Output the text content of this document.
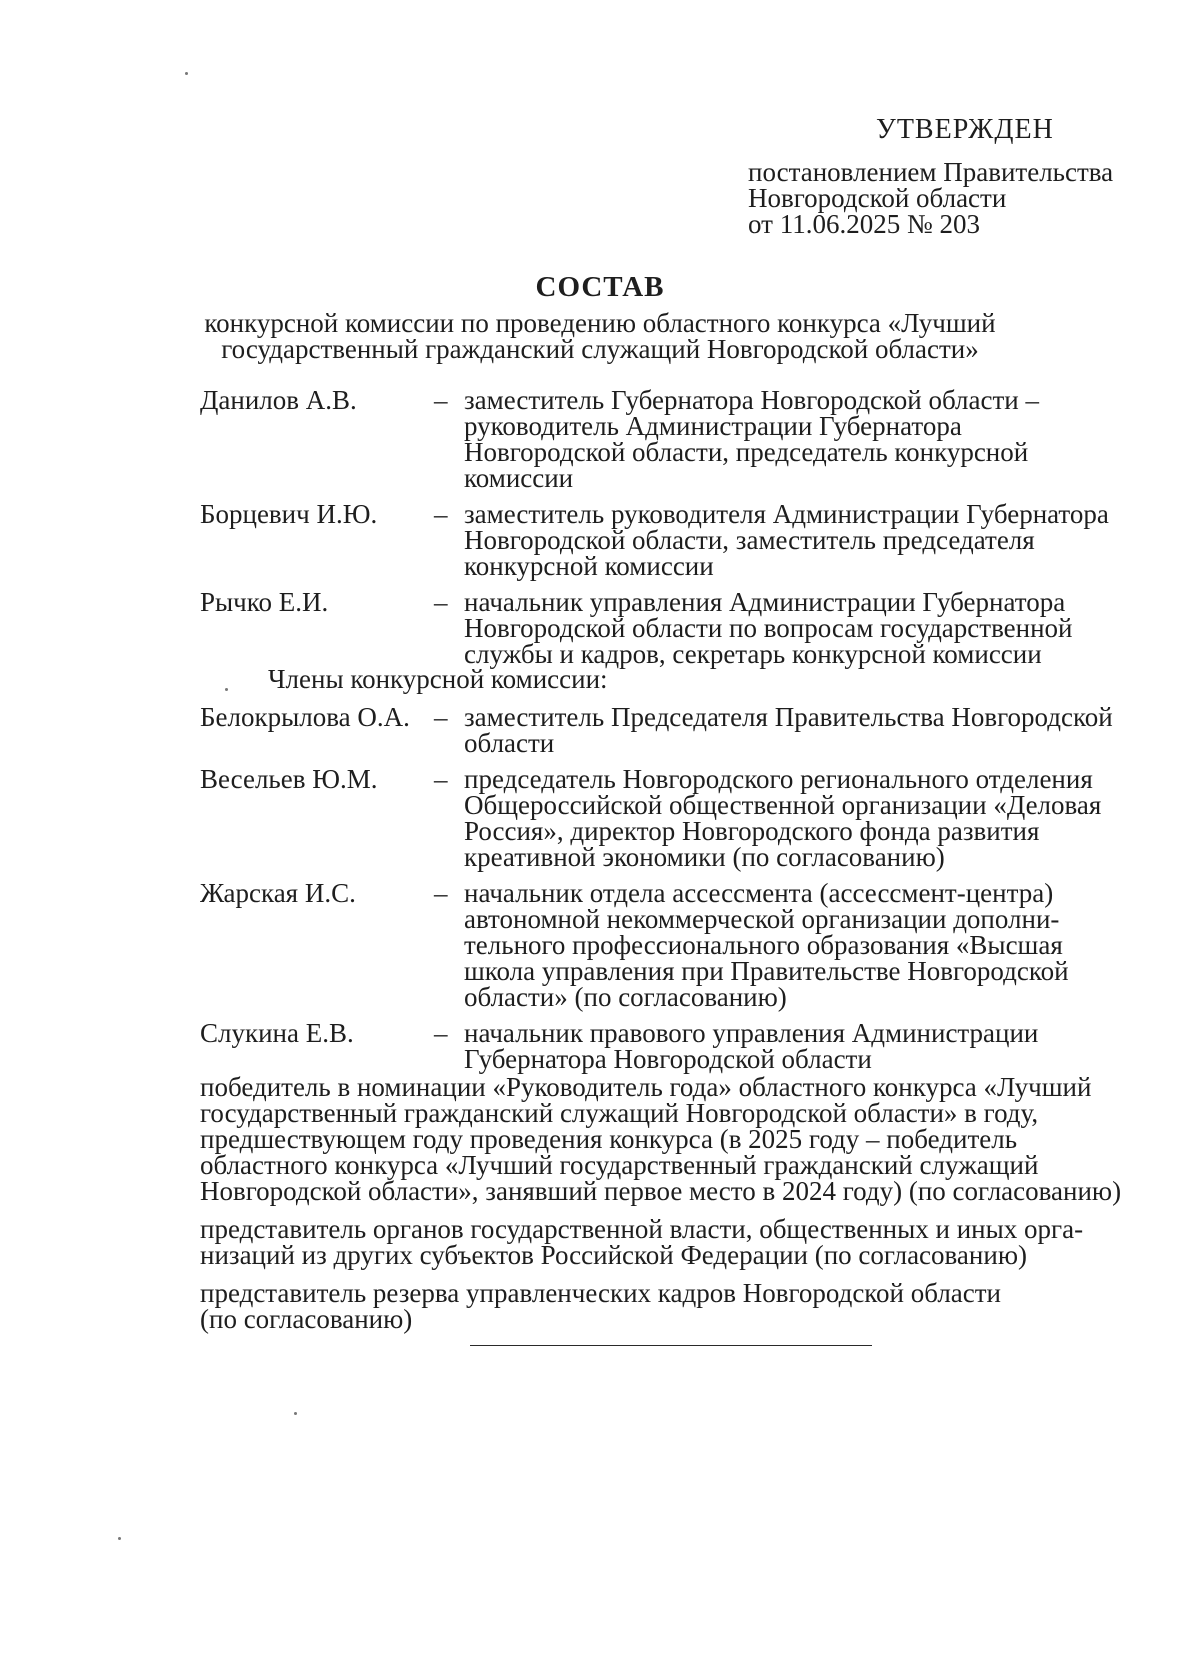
УТВЕРЖДЕН
постановлением Правительства
Новгородской области
от 11.06.2025 № 203
СОСТАВ
конкурсной комиссии по проведению областного конкурса «Лучший
государственный гражданский служащий Новгородской области»
Данилов А.В.	– заместитель Губернатора Новгородской области –
руководитель Администрации Губернатора
Новгородской области, председатель конкурсной
комиссии
Борцевич И.Ю.	– заместитель руководителя Администрации Губернатора
Новгородской области, заместитель председателя
конкурсной комиссии
Рычко Е.И.	– начальник управления Администрации Губернатора
Новгородской области по вопросам государственной
службы и кадров, секретарь конкурсной комиссии
Члены конкурсной комиссии:
Белокрылова О.А. – заместитель Председателя Правительства Новгородской
области
Весельев Ю.М.	– председатель Новгородского регионального отделения
Общероссийской общественной организации «Деловая
Россия», директор Новгородского фонда развития
креативной экономики (по согласованию)
Жарская И.С.	– начальник отдела ассессмента (ассессмент-центра)
автономной некоммерческой организации дополни-
тельного профессионального образования «Высшая
школа управления при Правительстве Новгородской
области» (по согласованию)
Слукина Е.В.	– начальник правового управления Администрации
Губернатора Новгородской области
победитель в номинации «Руководитель года» областного конкурса «Лучший
государственный гражданский служащий Новгородской области» в году,
предшествующем году проведения конкурса (в 2025 году – победитель
областного конкурса «Лучший государственный гражданский служащий
Новгородской области», занявший первое место в 2024 году) (по согласованию)
представитель органов государственной власти, общественных и иных орга-
низаций из других субъектов Российской Федерации (по согласованию)
представитель резерва управленческих кадров Новгородской области
(по согласованию)
